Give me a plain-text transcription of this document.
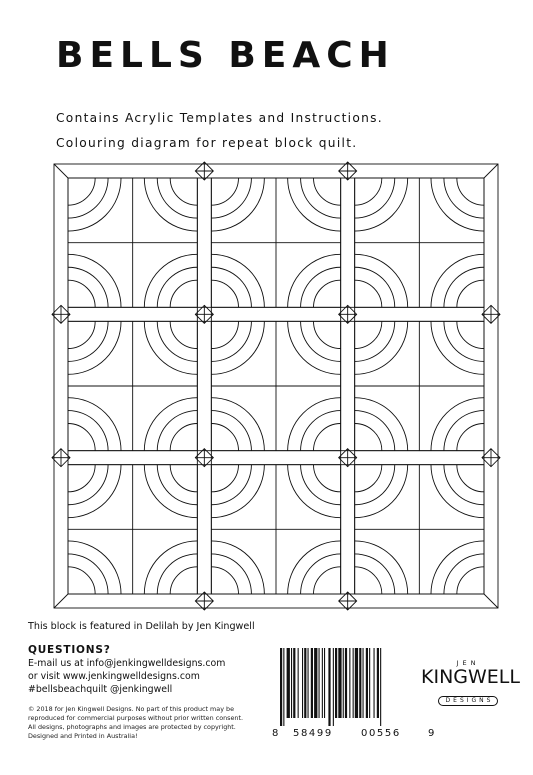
BELLS BEACH
Contains Acrylic Templates and Instructions.
Colouring diagram for repeat block quilt.
This block is featured in Delilah by Jen Kingwell
QUESTIONS?
E-mail us at info@jenkingwelldesigns.com
or visit www.jenkingwelldesigns.com
#bellsbeachquilt @jenkingwell
© 2018 for Jen Kingwell Designs. No part of this product may be
reproduced for commercial purposes without prior written consent.
All designs, photographs and images are protected by copyright.
Designed and Printed in Australia!	8 58499	00556	9
JEN
KINGWELL
DESIGNS
